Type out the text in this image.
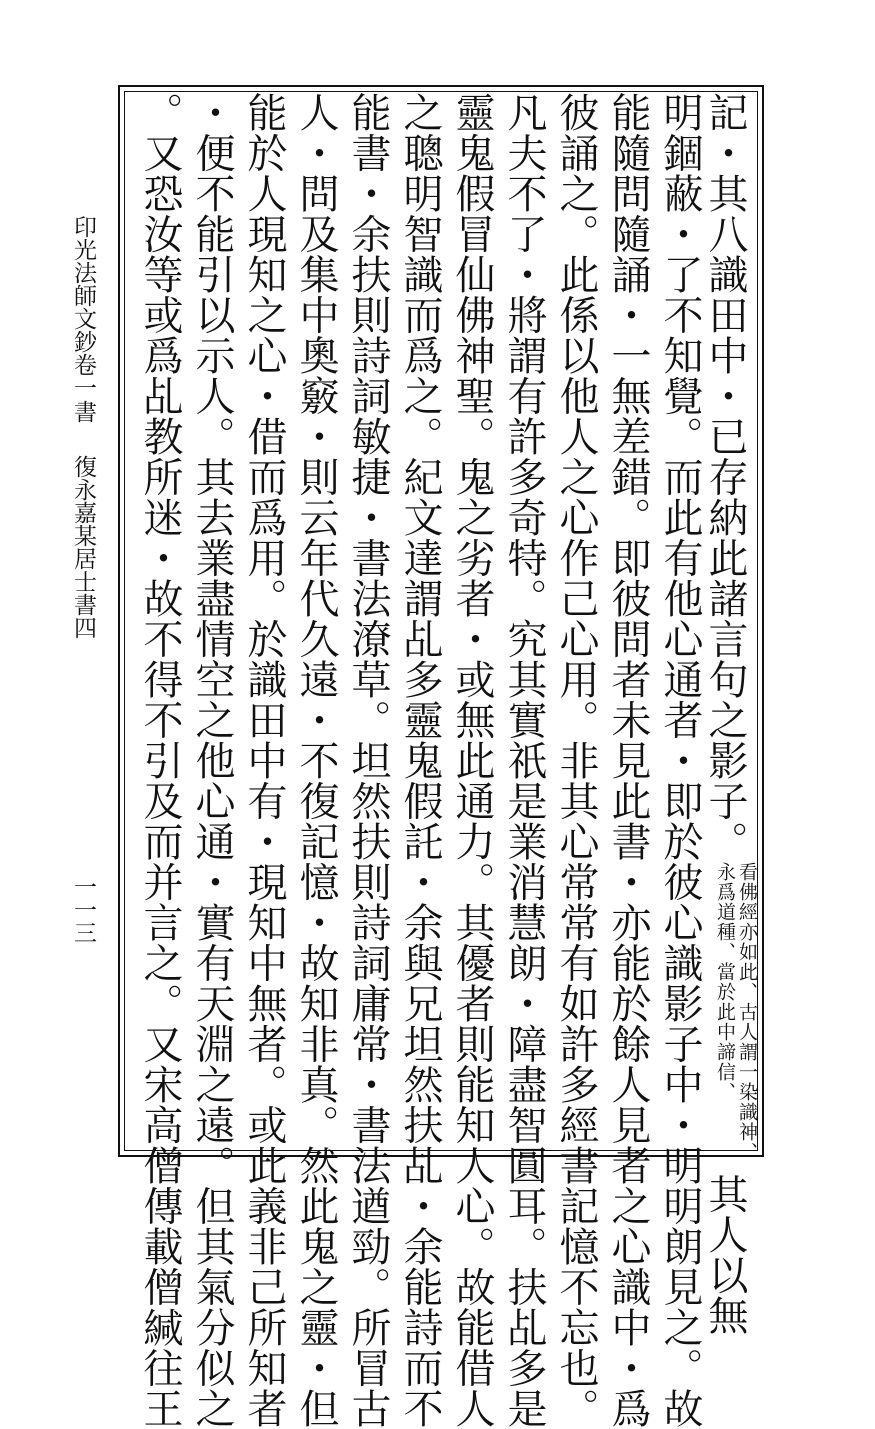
印光法師文鈔卷一
書
復永嘉某居士書四
一一三
記・其八識田中・已存納此諸言句之影子。看佛經亦如此、古人謂一染識神、永爲道種、當於此中諦信、其人以無
明錮蔽・了不知覺。而此有他心通者・即於彼心識影子中・明明朗見之。故
能隨問隨誦・一無差錯。即彼問者未見此書・亦能於餘人見者之心識中・爲
彼誦之。此係以他人之心作己心用。非其心常常有如許多經書記憶不忘也。
凡夫不了・將謂有許多奇特。究其實祇是業消慧朗・障盡智圓耳。扶乩多是
靈鬼假冒仙佛神聖。鬼之劣者・或無此通力。其優者則能知人心。故能借人
之聰明智識而爲之。紀文達謂乩多靈鬼假託・余與兄坦然扶乩・余能詩而不
能書・余扶則詩詞敏捷・書法潦草。坦然扶則詩詞庸常・書法遒勁。所冒古
人・問及集中奧竅・則云年代久遠・不復記憶・故知非真。然此鬼之靈・但
能於人現知之心・借而爲用。於識田中有・現知中無者。或此義非己所知者
・便不能引以示人。其去業盡情空之他心通・實有天淵之遠。但其氣分似之
。又恐汝等或爲乩教所迷・故不得不引及而并言之。又宋高僧傳載僧緘往王
